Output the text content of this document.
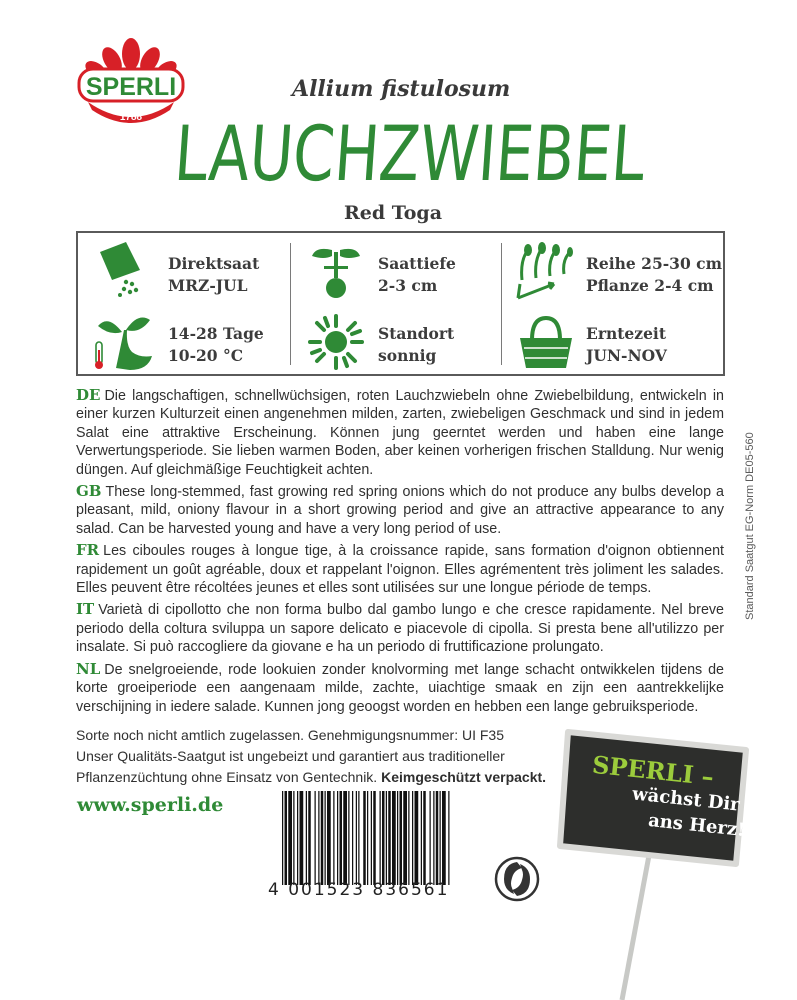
SPERLI
1788
Allium fistulosum
LAUCHZWIEBEL
Red Toga
Direktsaat
MRZ-JUL
Saattiefe
2-3 cm
Reihe 25-30 cm
Pflanze 2-4 cm
14-28 Tage
10-20 °C
Standort
sonnig
Erntezeit
JUN-NOV

DE Die langschaftigen, schnellwüchsigen, roten Lauchzwiebeln ohne Zwiebelbildung, entwickeln in einer kurzen Kulturzeit einen angenehmen milden, zarten, zwiebeligen Geschmack und sind in jedem Salat eine attraktive Erscheinung. Können jung geerntet werden und haben eine lange Verwertungsperiode. Sie lieben warmen Boden, aber keinen vorherigen frischen Stalldung. Nur wenig düngen. Auf gleichmäßige Feuchtigkeit achten.

GB These long-stemmed, fast growing red spring onions which do not produce any bulbs develop a pleasant, mild, oniony flavour in a short growing period and give an attractive appearance to any salad. Can be harvested young and have a very long period of use.

FR Les ciboules rouges à longue tige, à la croissance rapide, sans formation d'oignon obtiennent rapidement un goût agréable, doux et rappelant l'oignon. Elles agrémentent très joliment les salades. Elles peuvent être récoltées jeunes et elles sont utilisées sur une longue période de temps.

IT Varietà di cipollotto che non forma bulbo dal gambo lungo e che cresce rapidamente. Nel breve periodo della coltura sviluppa un sapore delicato e piacevole di cipolla. Si presta bene all'utilizzo per insalate. Si può raccogliere da giovane e ha un periodo di fruttificazione prolungato.

NL De snelgroeiende, rode lookuien zonder knolvorming met lange schacht ontwikkelen tijdens de korte groeiperiode een aangenaam milde, zachte, uiachtige smaak en zijn een aantrekkelijke verschijning in iedere salade. Kunnen jong geoogst worden en hebben een lange gebruiksperiode.

Standard Saatgut EG-Norm DE05-560
Sorte noch nicht amtlich zugelassen. Genehmigungsnummer: UI F35
Unser Qualitäts-Saatgut ist ungebeizt und garantiert aus traditioneller
Pflanzenzüchtung ohne Einsatz von Gentechnik. Keimgeschützt verpackt.
www.sperli.de
4 001523 836561
SPERLI –
wächst Dir
ans Herz!
